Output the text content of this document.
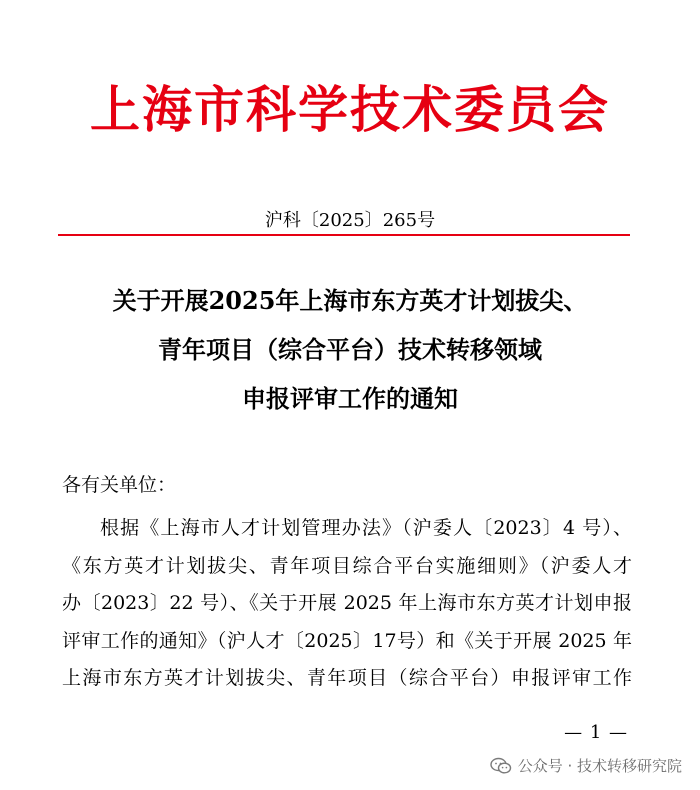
上海市科学技术委员会
沪科〔2025〕265号
关于开展2025年上海市东方英才计划拔尖、
青年项目（综合平台）技术转移领域
申报评审工作的通知
各有关单位：
根据《上海市人才计划管理办法》（沪委人〔2023〕4 号）、
《东方英才计划拔尖、青年项目综合平台实施细则》（沪委人才
办〔2023〕22 号）、《关于开展 2025 年上海市东方英才计划申报
评审工作的通知》（沪人才〔2025〕17号）和《关于开展 2025 年
上海市东方英才计划拔尖、青年项目（综合平台）申报评审工作
— 1 —
公众号 · 技术转移研究院
